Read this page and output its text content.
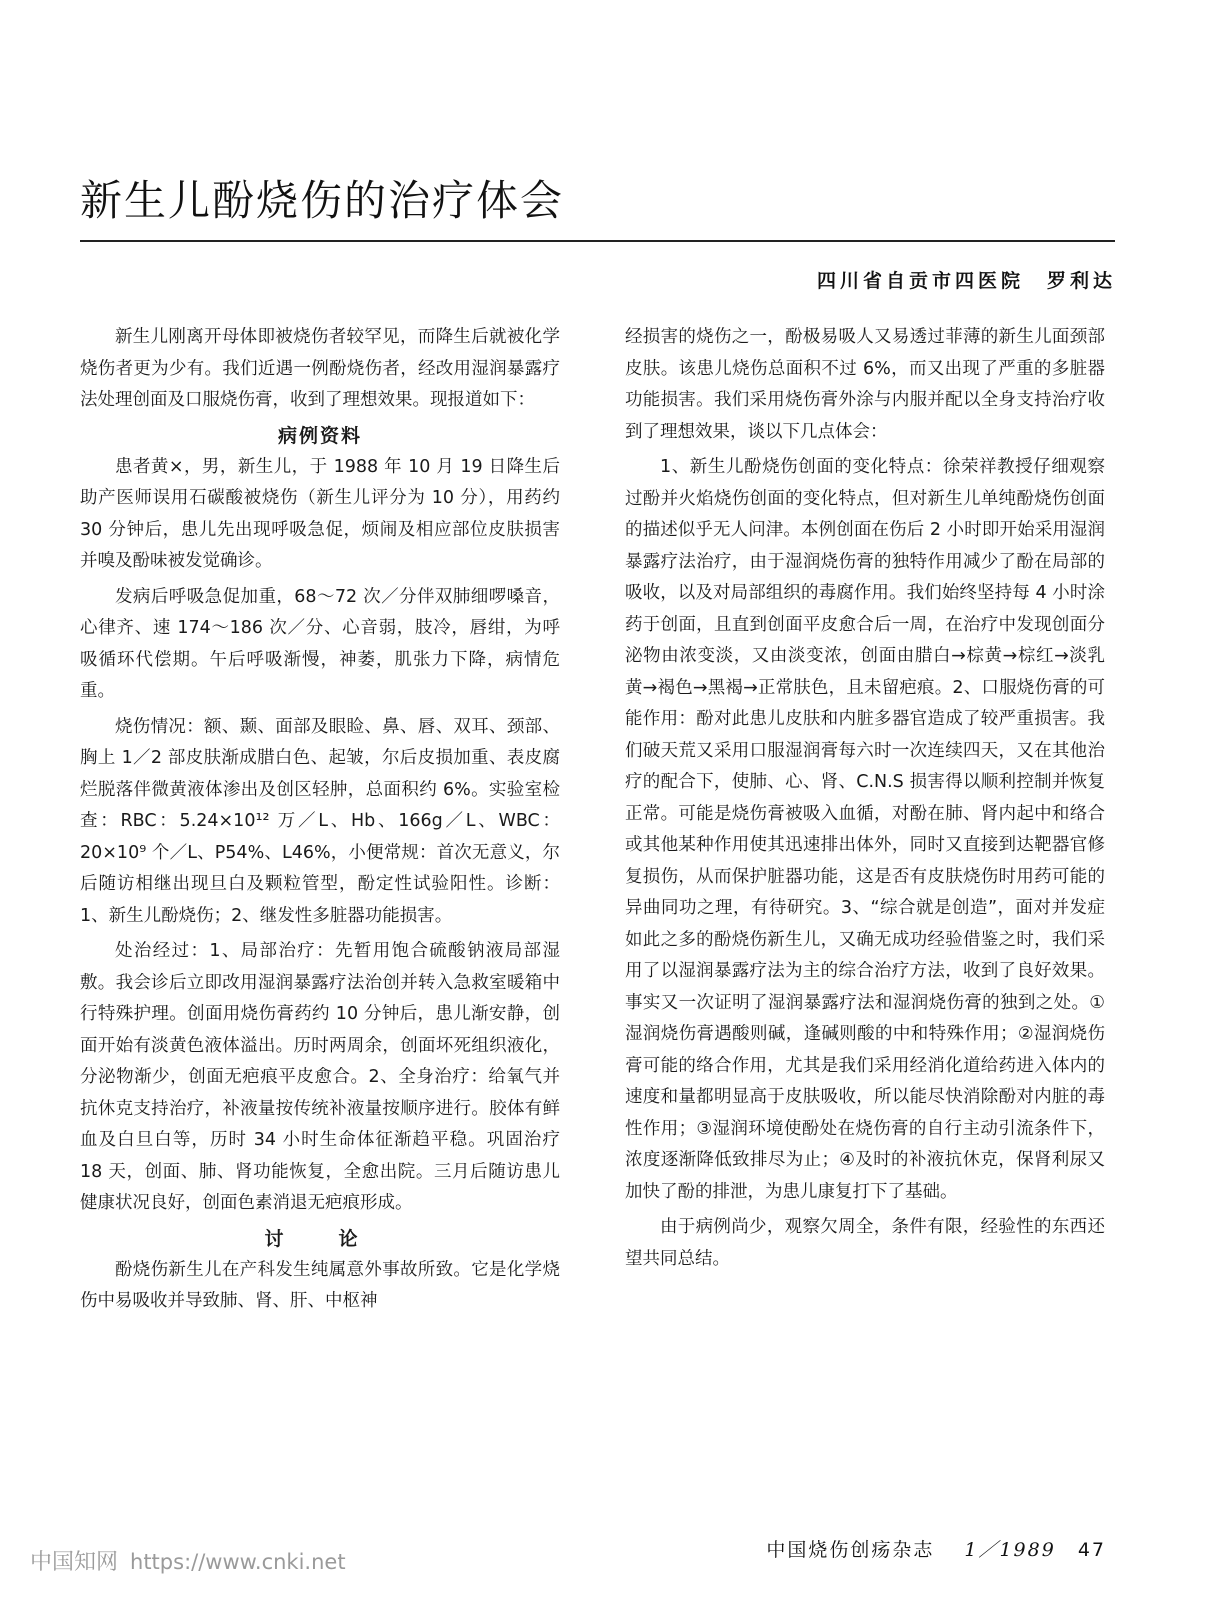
新生儿酚烧伤的治疗体会
四川省自贡市四医院　罗利达

新生儿刚离开母体即被烧伤者较罕见，而降生后就被化学烧伤者更为少有。我们近遇一例酚烧伤者，经改用湿润暴露疗法处理创面及口服烧伤膏，收到了理想效果。现报道如下：

病例资料

患者黄×，男，新生儿，于 1988 年 10 月 19 日降生后助产医师误用石碳酸被烧伤（新生儿评分为 10 分），用药约 30 分钟后，患儿先出现呼吸急促，烦闹及相应部位皮肤损害并嗅及酚味被发觉确诊。

发病后呼吸急促加重，68～72 次／分伴双肺细啰嗓音，心律齐、速 174～186 次／分、心音弱，肢冷，唇绀，为呼吸循环代偿期。午后呼吸渐慢，神萎，肌张力下降，病情危重。

烧伤情况：额、颞、面部及眼睑、鼻、唇、双耳、颈部、胸上 1／2 部皮肤渐成腊白色、起皱，尔后皮损加重、表皮腐烂脱落伴微黄液体渗出及创区轻肿，总面积约 6%。实验室检查：RBC：5.24×10¹² 万／L、Hb、166g／L、WBC：20×10⁹ 个／L、P54%、L46%，小便常规：首次无意义，尔后随访相继出现旦白及颗粒管型，酚定性试验阳性。诊断：1、新生儿酚烧伤；2、继发性多脏器功能损害。

处治经过：1、局部治疗：先暂用饱合硫酸钠液局部湿敷。我会诊后立即改用湿润暴露疗法治创并转入急救室暖箱中行特殊护理。创面用烧伤膏药约 10 分钟后，患儿渐安静，创面开始有淡黄色液体溢出。历时两周余，创面坏死组织液化，分泌物渐少，创面无疤痕平皮愈合。2、全身治疗：给氧气并抗休克支持治疗，补液量按传统补液量按顺序进行。胶体有鲜血及白旦白等，历时 34 小时生命体征渐趋平稳。巩固治疗 18 天，创面、肺、肾功能恢复，全愈出院。三月后随访患儿健康状况良好，创面色素消退无疤痕形成。

讨　论

酚烧伤新生儿在产科发生纯属意外事故所致。它是化学烧伤中易吸收并导致肺、肾、肝、中枢神

经损害的烧伤之一，酚极易吸人又易透过菲薄的新生儿面颈部皮肤。该患儿烧伤总面积不过 6%，而又出现了严重的多脏器功能损害。我们采用烧伤膏外涂与内服并配以全身支持治疗收到了理想效果，谈以下几点体会：

1、新生儿酚烧伤创面的变化特点：徐荣祥教授仔细观察过酚并火焰烧伤创面的变化特点，但对新生儿单纯酚烧伤创面的描述似乎无人问津。本例创面在伤后 2 小时即开始采用湿润暴露疗法治疗，由于湿润烧伤膏的独特作用减少了酚在局部的吸收，以及对局部组织的毒腐作用。我们始终坚持每 4 小时涂药于创面，且直到创面平皮愈合后一周，在治疗中发现创面分泌物由浓变淡，又由淡变浓，创面由腊白→棕黄→棕红→淡乳黄→褐色→黑褐→正常肤色，且未留疤痕。2、口服烧伤膏的可能作用：酚对此患儿皮肤和内脏多器官造成了较严重损害。我们破天荒又采用口服湿润膏每六时一次连续四天，又在其他治疗的配合下，使肺、心、肾、C.N.S 损害得以顺利控制并恢复正常。可能是烧伤膏被吸入血循，对酚在肺、肾内起中和络合或其他某种作用使其迅速排出体外，同时又直接到达靶器官修复损伤，从而保护脏器功能，这是否有皮肤烧伤时用药可能的异曲同功之理，有待研究。3、“综合就是创造”，面对并发症如此之多的酚烧伤新生儿，又确无成功经验借鉴之时，我们采用了以湿润暴露疗法为主的综合治疗方法，收到了良好效果。事实又一次证明了湿润暴露疗法和湿润烧伤膏的独到之处。①湿润烧伤膏遇酸则碱，逢碱则酸的中和特殊作用；②湿润烧伤膏可能的络合作用，尤其是我们采用经消化道给药进入体内的速度和量都明显高于皮肤吸收，所以能尽快消除酚对内脏的毒性作用；③湿润环境使酚处在烧伤膏的自行主动引流条件下，浓度逐渐降低致排尽为止；④及时的补液抗休克，保肾利尿又加快了酚的排泄，为患儿康复打下了基础。

由于病例尚少，观察欠周全，条件有限，经验性的东西还望共同总结。

中国烧伤创疡杂志 1／1989 47
中国知网 https://www.cnki.net
